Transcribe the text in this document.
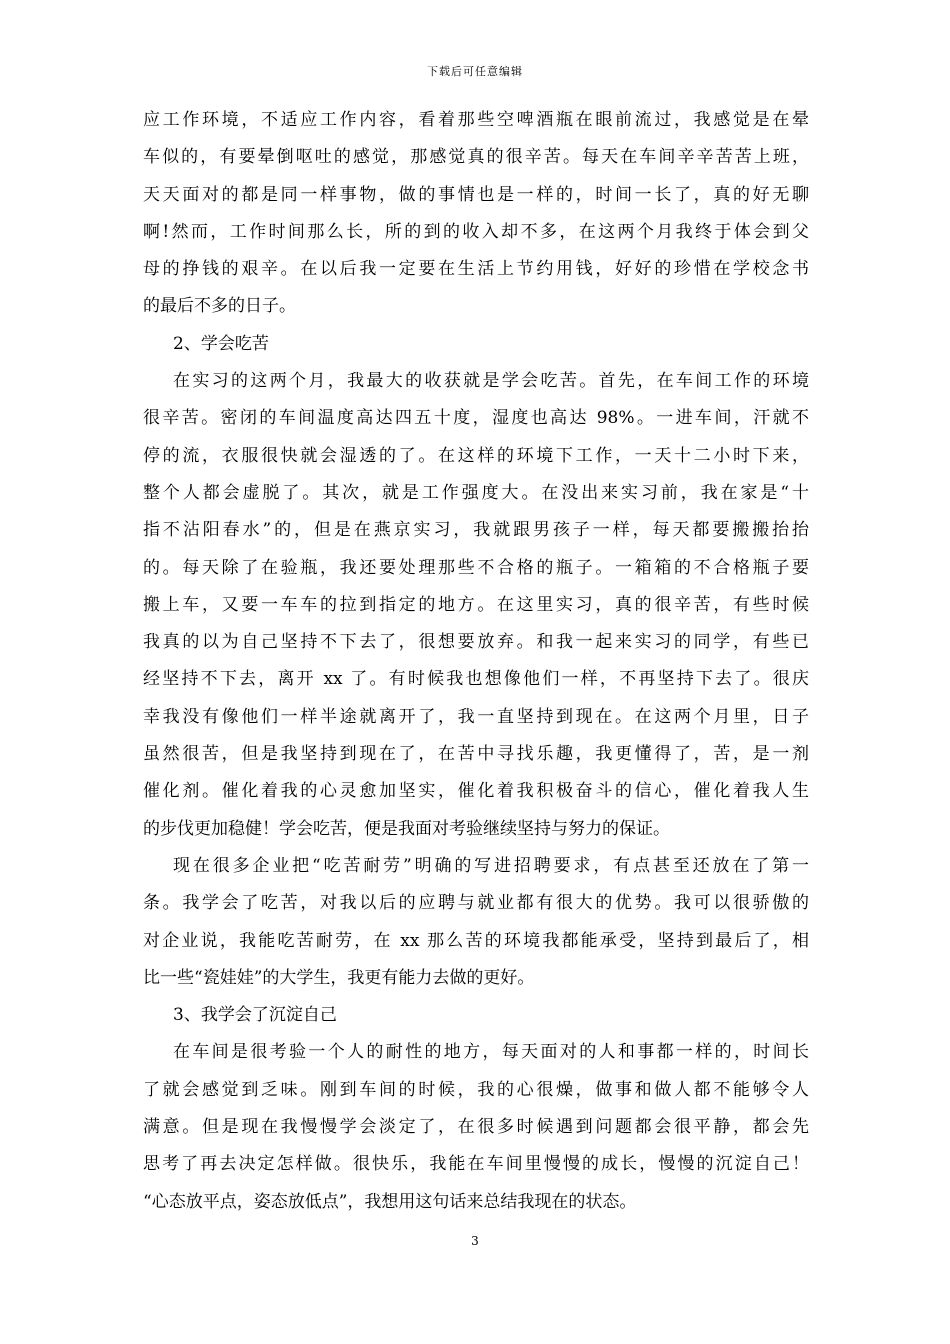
下载后可任意编辑
应工作环境，不适应工作内容，看着那些空啤酒瓶在眼前流过，我感觉是在晕
车似的，有要晕倒呕吐的感觉，那感觉真的很辛苦。每天在车间辛辛苦苦上班，
天天面对的都是同一样事物，做的事情也是一样的，时间一长了，真的好无聊
啊!然而，工作时间那么长，所的到的收入却不多，在这两个月我终于体会到父
母的挣钱的艰辛。在以后我一定要在生活上节约用钱，好好的珍惜在学校念书
的最后不多的日子。
2、学会吃苦
在实习的这两个月，我最大的收获就是学会吃苦。首先，在车间工作的环境
很辛苦。密闭的车间温度高达四五十度，湿度也高达 98%。一进车间，汗就不
停的流，衣服很快就会湿透的了。在这样的环境下工作，一天十二小时下来，
整个人都会虚脱了。其次，就是工作强度大。在没出来实习前，我在家是“十
指不沾阳春水”的，但是在燕京实习，我就跟男孩子一样，每天都要搬搬抬抬
的。每天除了在验瓶，我还要处理那些不合格的瓶子。一箱箱的不合格瓶子要
搬上车，又要一车车的拉到指定的地方。在这里实习，真的很辛苦，有些时候
我真的以为自己坚持不下去了，很想要放弃。和我一起来实习的同学，有些已
经坚持不下去，离开 xx 了。有时候我也想像他们一样，不再坚持下去了。很庆
幸我没有像他们一样半途就离开了，我一直坚持到现在。在这两个月里，日子
虽然很苦，但是我坚持到现在了，在苦中寻找乐趣，我更懂得了，苦，是一剂
催化剂。催化着我的心灵愈加坚实，催化着我积极奋斗的信心，催化着我人生
的步伐更加稳健！学会吃苦，便是我面对考验继续坚持与努力的保证。
现在很多企业把“吃苦耐劳”明确的写进招聘要求，有点甚至还放在了第一
条。我学会了吃苦，对我以后的应聘与就业都有很大的优势。我可以很骄傲的
对企业说，我能吃苦耐劳，在 xx 那么苦的环境我都能承受，坚持到最后了，相
比一些“瓷娃娃”的大学生，我更有能力去做的更好。
3、我学会了沉淀自己
在车间是很考验一个人的耐性的地方，每天面对的人和事都一样的，时间长
了就会感觉到乏味。刚到车间的时候，我的心很燥，做事和做人都不能够令人
满意。但是现在我慢慢学会淡定了，在很多时候遇到问题都会很平静，都会先
思考了再去决定怎样做。很快乐，我能在车间里慢慢的成长，慢慢的沉淀自己！
“心态放平点，姿态放低点”，我想用这句话来总结我现在的状态。
3
